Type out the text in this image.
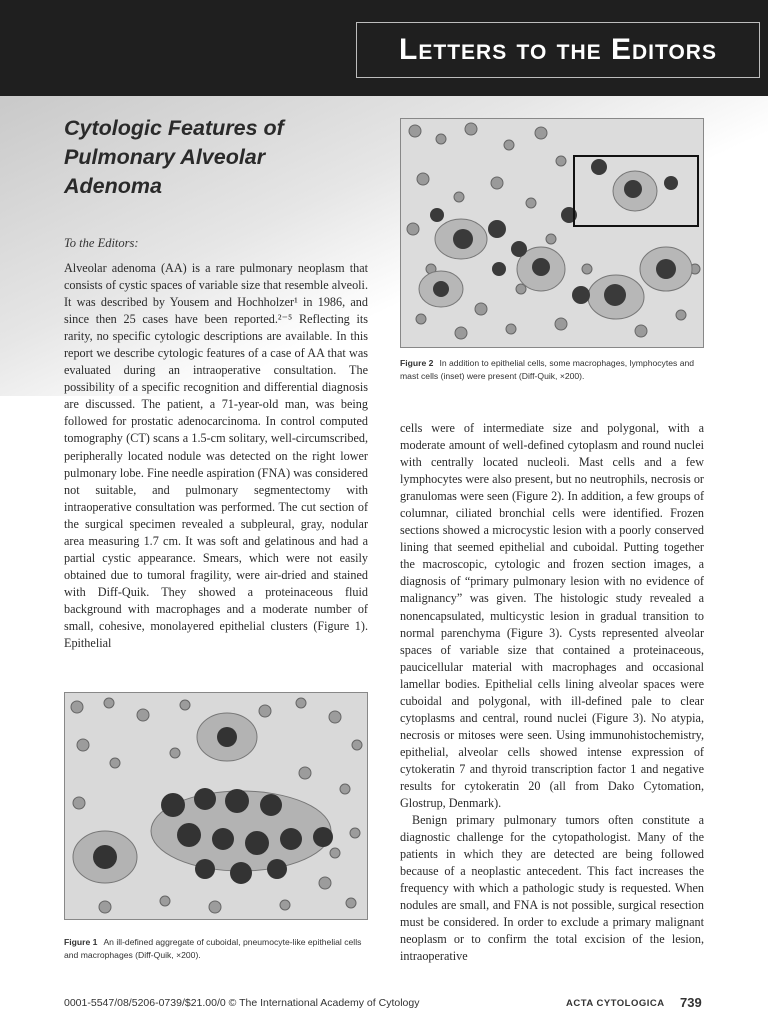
Letters to the Editors
Cytologic Features of Pulmonary Alveolar Adenoma
To the Editors:

Alveolar adenoma (AA) is a rare pulmonary neoplasm that consists of cystic spaces of variable size that resemble alveoli. It was described by Yousem and Hochholzer¹ in 1986, and since then 25 cases have been reported.²⁻⁵ Reflecting its rarity, no specific cytologic descriptions are available. In this report we describe cytologic features of a case of AA that was evaluated during an intraoperative consultation. The possibility of a specific recognition and differential diagnosis are discussed. The patient, a 71-year-old man, was being followed for prostatic adenocarcinoma. In control computed tomography (CT) scans a 1.5-cm solitary, well-circumscribed, peripherally located nodule was detected on the right lower pulmonary lobe. Fine needle aspiration (FNA) was considered not suitable, and pulmonary segmentectomy with intraoperative consultation was performed. The cut section of the surgical specimen revealed a subpleural, gray, nodular area measuring 1.7 cm. It was soft and gelatinous and had a partial cystic appearance. Smears, which were not easily obtained due to tumoral fragility, were air-dried and stained with Diff-Quik. They showed a proteinaceous fluid background with macrophages and a moderate number of small, cohesive, monolayered epithelial clusters (Figure 1). Epithelial

Figure 2 In addition to epithelial cells, some macrophages, lymphocytes and mast cells (inset) were present (Diff-Quik, ×200).

cells were of intermediate size and polygonal, with a moderate amount of well-defined cytoplasm and round nuclei with centrally located nucleoli. Mast cells and a few lymphocytes were also present, but no neutrophils, necrosis or granulomas were seen (Figure 2). In addition, a few groups of columnar, ciliated bronchial cells were identified. Frozen sections showed a microcystic lesion with a poorly conserved lining that seemed epithelial and cuboidal. Putting together the macroscopic, cytologic and frozen section images, a diagnosis of “primary pulmonary lesion with no evidence of malignancy” was given. The histologic study revealed a nonencapsulated, multicystic lesion in gradual transition to normal parenchyma (Figure 3). Cysts represented alveolar spaces of variable size that contained a proteinaceous, paucicellular material with macrophages and occasional lamellar bodies. Epithelial cells lining alveolar spaces were cuboidal and polygonal, with ill-defined pale to clear cytoplasms and central, round nuclei (Figure 3). No atypia, necrosis or mitoses were seen. Using immunohistochemistry, epithelial, alveolar cells showed intense expression of cytokeratin 7 and thyroid transcription factor 1 and negative results for cytokeratin 20 (all from Dako Cytomation, Glostrup, Denmark).

Benign primary pulmonary tumors often constitute a diagnostic challenge for the cytopathologist. Many of the patients in which they are detected are being followed because of a neoplastic antecedent. This fact increases the frequency with which a pathologic study is requested. When nodules are small, and FNA is not possible, surgical resection must be considered. In order to exclude a primary malignant neoplasm or to confirm the total excision of the lesion, intraoperative

Figure 1 An ill-defined aggregate of cuboidal, pneumocyte-like epithelial cells and macrophages (Diff-Quik, ×200).
0001-5547/08/5206-0739/$21.00/0 © The International Academy of Cytology	ACTA CYTOLOGICA 739
